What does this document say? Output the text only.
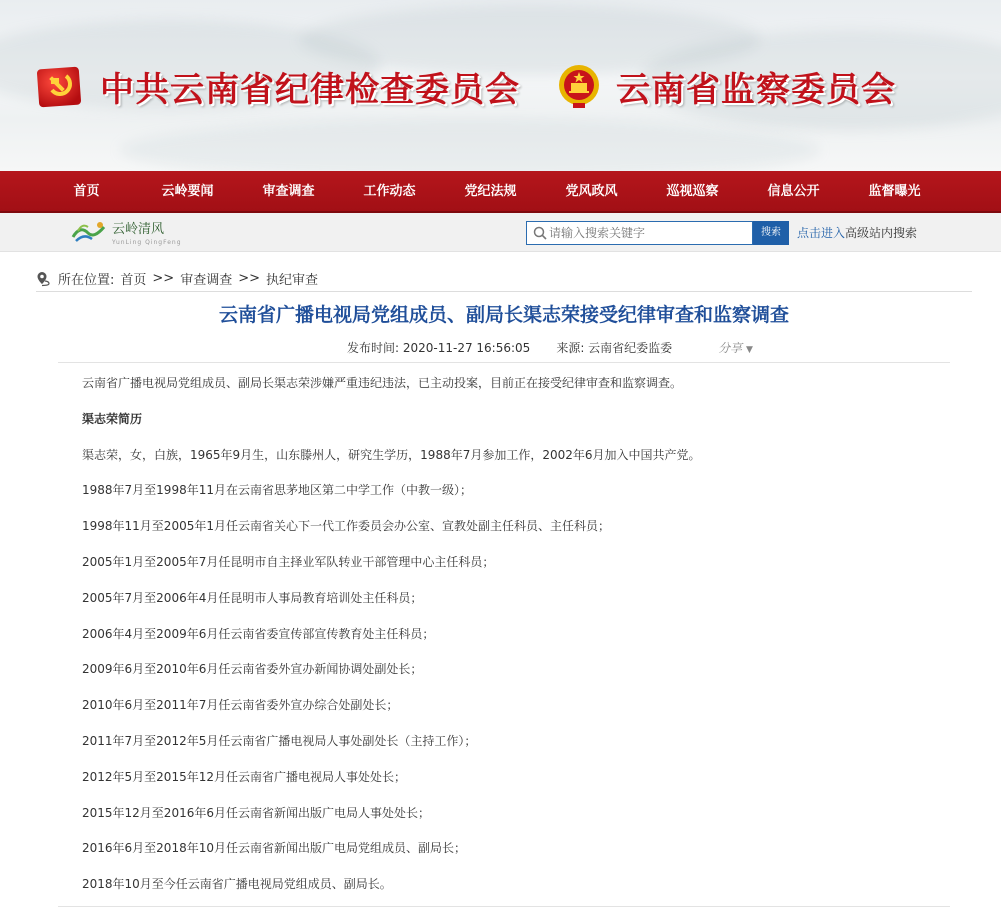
中共云南省纪律检查委员会	云南省监察委员会
首页	云岭要闻	审查调查	工作动态	党纪法规	党风政风	巡视巡察	信息公开	监督曝光
云岭清风
YunLing QingFeng
请输入搜索关键字
搜索	点击进入高级站内搜索
所在位置: 首页 >> 审查调查 >> 执纪审查
云南省广播电视局党组成员、副局长渠志荣接受纪律审查和监察调查
发布时间: 2020-11-27 16:56:05 来源: 云南省纪委监委	分享 ▼
云南省广播电视局党组成员、副局长渠志荣涉嫌严重违纪违法，已主动投案，目前正在接受纪律审查和监察调查。
渠志荣简历
渠志荣，女，白族，1965年9月生，山东滕州人，研究生学历，1988年7月参加工作，2002年6月加入中国共产党。
1988年7月至1998年11月在云南省思茅地区第二中学工作（中教一级）；
1998年11月至2005年1月任云南省关心下一代工作委员会办公室、宣教处副主任科员、主任科员；
2005年1月至2005年7月任昆明市自主择业军队转业干部管理中心主任科员；
2005年7月至2006年4月任昆明市人事局教育培训处主任科员；
2006年4月至2009年6月任云南省委宣传部宣传教育处主任科员；
2009年6月至2010年6月任云南省委外宣办新闻协调处副处长；
2010年6月至2011年7月任云南省委外宣办综合处副处长；
2011年7月至2012年5月任云南省广播电视局人事处副处长（主持工作）；
2012年5月至2015年12月任云南省广播电视局人事处处长；
2015年12月至2016年6月任云南省新闻出版广电局人事处处长；
2016年6月至2018年10月任云南省新闻出版广电局党组成员、副局长；
2018年10月至今任云南省广播电视局党组成员、副局长。
